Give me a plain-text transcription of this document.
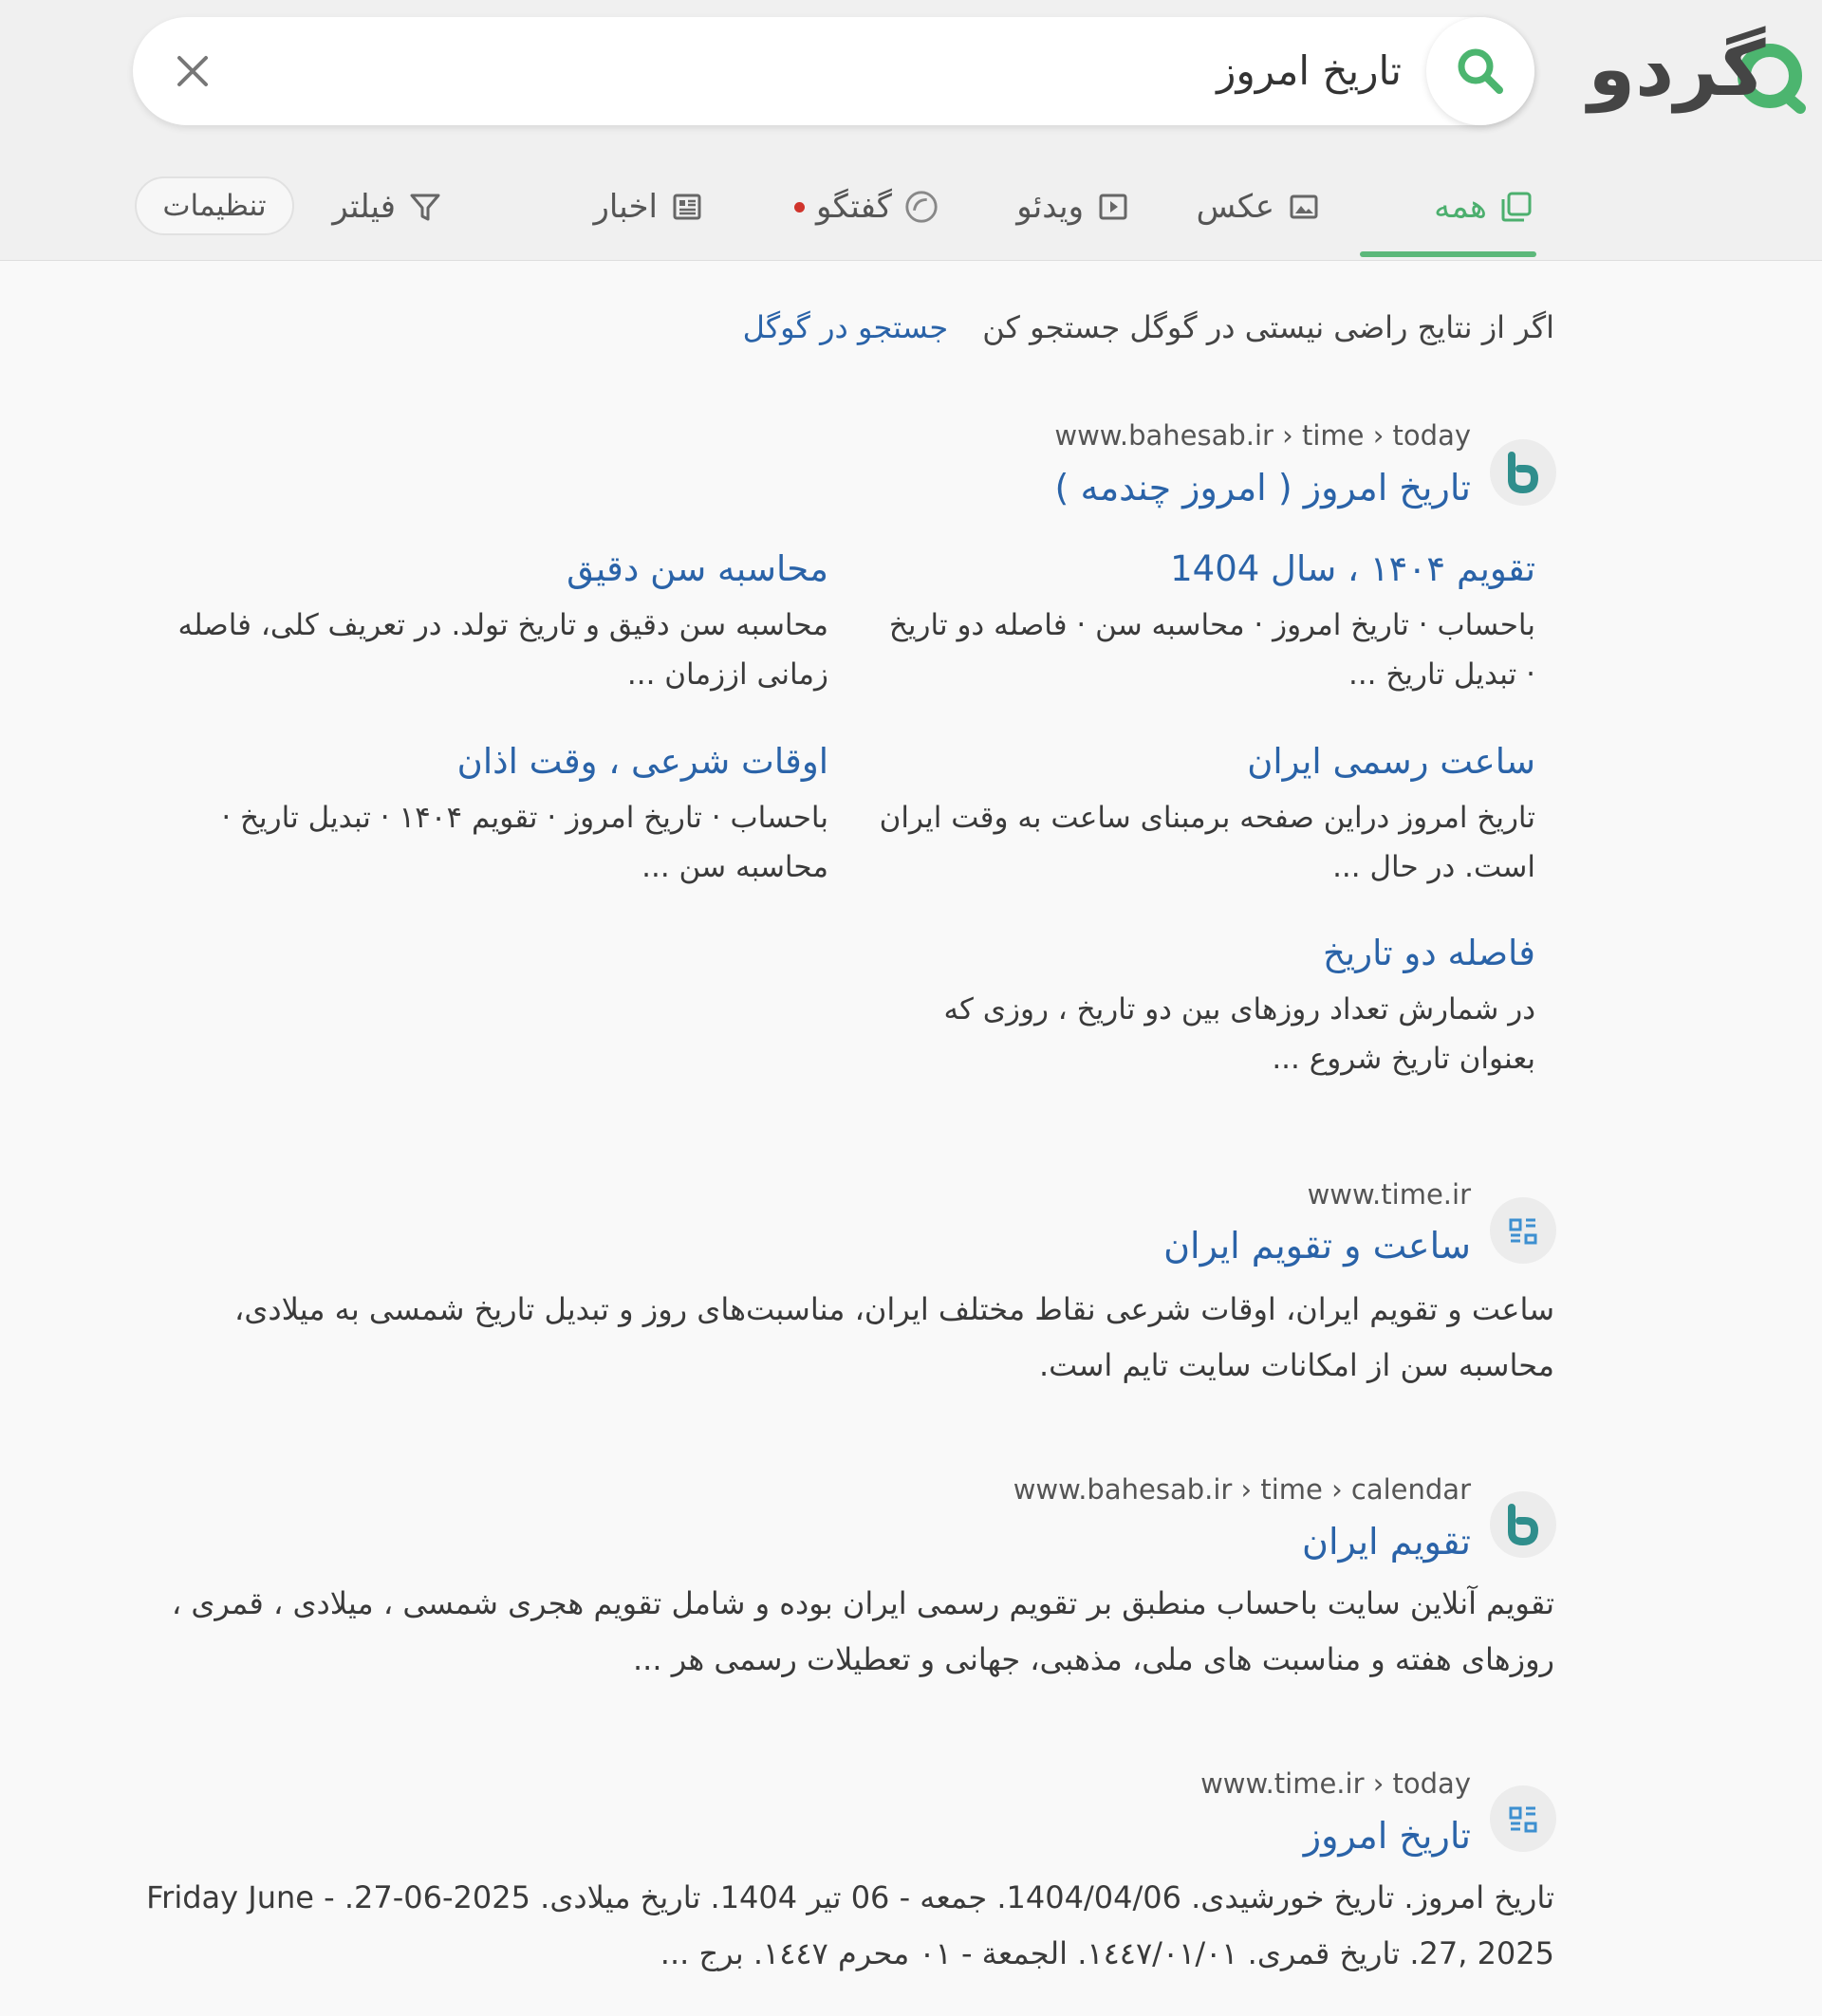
گردو
تاریخ امروز
همه
عکس
ویدئو
گفتگو
اخبار
فیلتر
تنظیمات
اگر از نتایج راضی نیستی در گوگل جستجو کن جستجو در گوگل
www.bahesab.ir › time › today
تاریخ امروز ( امروز چندمه )
تقویم ۱۴۰۴ ، سال 1404
باحساب · تاریخ امروز · محاسبه سن · فاصله دو تاریخ · تبدیل تاریخ ...
محاسبه سن دقیق
محاسبه سن دقیق و تاریخ تولد. در تعریف کلی، فاصله زمانی اززمان ...
ساعت رسمی ایران
تاریخ امروز دراین صفحه برمبنای ساعت به وقت ایران است. در حال ...
اوقات شرعی ، وقت اذان
باحساب · تاریخ امروز · تقویم ۱۴۰۴ · تبدیل تاریخ · محاسبه سن ...
فاصله دو تاریخ
در شمارش تعداد روزهای بین دو تاریخ ، روزی که بعنوان تاریخ شروع ...
www.time.ir
ساعت و تقویم ایران
ساعت و تقویم ایران، اوقات شرعی نقاط مختلف ایران، مناسبت‌های روز و تبدیل تاریخ شمسی به میلادی، محاسبه سن از امکانات سایت تایم است.
www.bahesab.ir › time › calendar
تقویم ایران
تقویم آنلاین سایت باحساب منطبق بر تقویم رسمی ایران بوده و شامل تقویم هجری شمسی ، میلادی ، قمری ، روزهای هفته و مناسبت های ملی، مذهبی، جهانی و تعطیلات رسمی هر ...
www.time.ir › today
تاریخ امروز
تاریخ امروز. تاریخ خورشیدی. 1404/04/06. جمعه - 06 تیر 1404. تاریخ میلادی. 2025-06-27. - Friday June 27, 2025. تاریخ قمری. ١٤٤٧/٠١/٠١. الجمعة - ٠١ محرم ١٤٤٧. برج ...
